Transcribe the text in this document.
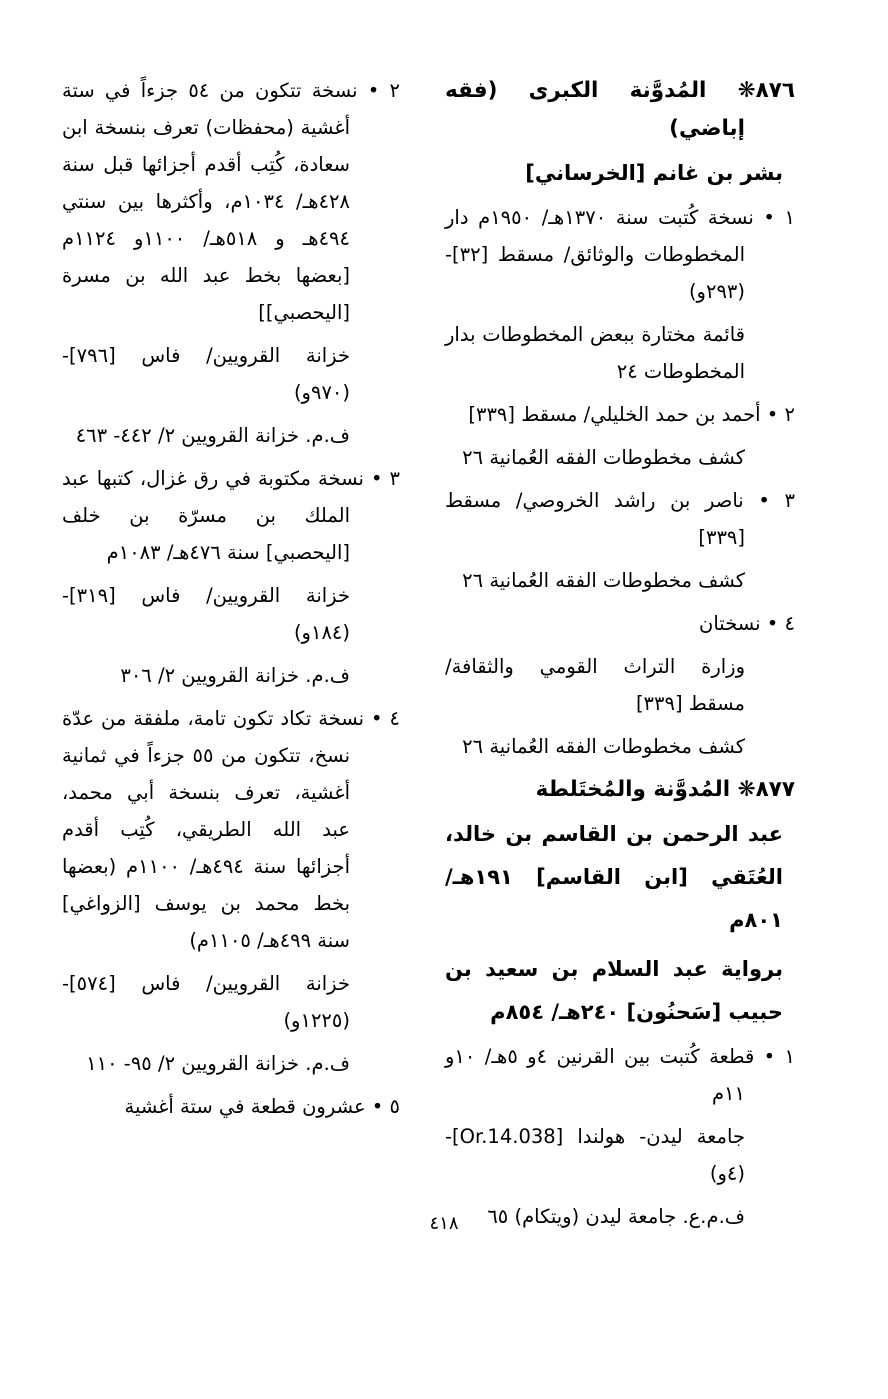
٨٧٦❋ المُدوَّنة الكبرى (فقه إباضي)
بشر بن غانم [الخرساني]
١ • نسخة كُتبت سنة ١٣٧٠هـ/ ١٩٥٠م دار المخطوطات والوثائق/ مسقط [٣٢]- (٢٩٣و)
قائمة مختارة ببعض المخطوطات بدار المخطوطات ٢٤
٢ • أحمد بن حمد الخليلي/ مسقط [٣٣٩]
كشف مخطوطات الفقه العُمانية ٢٦
٣ • ناصر بن راشد الخروصي/ مسقط [٣٣٩]
كشف مخطوطات الفقه العُمانية ٢٦
٤ • نسختان
وزارة التراث القومي والثقافة/ مسقط [٣٣٩]
كشف مخطوطات الفقه العُمانية ٢٦
٨٧٧❋ المُدوَّنة والمُختَلطة
عبد الرحمن بن القاسم بن خالد، العُتَقي [ابن القاسم] ١٩١هـ/ ٨٠١م
برواية عبد السلام بن سعيد بن حبيب [سَحنُون] ٢٤٠هـ/ ٨٥٤م
١ • قطعة كُتبت بين القرنين ٤و ٥هـ/ ١٠و ١١م
جامعة ليدن- هولندا [Or.14.038]- (٤و)
ف.م.ع. جامعة ليدن (ويتكام) ٦٥
٢ • نسخة تتكون من ٥٤ جزءاً في ستة أغشية (محفظات) تعرف بنسخة ابن سعادة، كُتِب أقدم أجزائها قبل سنة ٤٢٨هـ/ ١٠٣٤م، وأكثرها بين سنتي ٤٩٤هـ و ٥١٨هـ/ ١١٠٠و ١١٢٤م [بعضها بخط عبد الله بن مسرة [اليحصبي]]
خزانة القرويين/ فاس [٧٩٦]- (٩٧٠و)
ف.م. خزانة القرويين ٢/ ٤٤٢- ٤٦٣
٣ • نسخة مكتوبة في رق غزال، كتبها عبد الملك بن مسرّة بن خلف [اليحصبي] سنة ٤٧٦هـ/ ١٠٨٣م
خزانة القرويين/ فاس [٣١٩]- (١٨٤و)
ف.م. خزانة القرويين ٢/ ٣٠٦
٤ • نسخة تكاد تكون تامة، ملفقة من عدّة نسخ، تتكون من ٥٥ جزءاً في ثمانية أغشية، تعرف بنسخة أبي محمد، عبد الله الطريقي، كُتِب أقدم أجزائها سنة ٤٩٤هـ/ ١١٠٠م (بعضها بخط محمد بن يوسف [الزواغي] سنة ٤٩٩هـ/ ١١٠٥م)
خزانة القرويين/ فاس [٥٧٤]- (١٢٢٥و)
ف.م. خزانة القرويين ٢/ ٩٥- ١١٠
٥ • عشرون قطعة في ستة أغشية
٤١٨
